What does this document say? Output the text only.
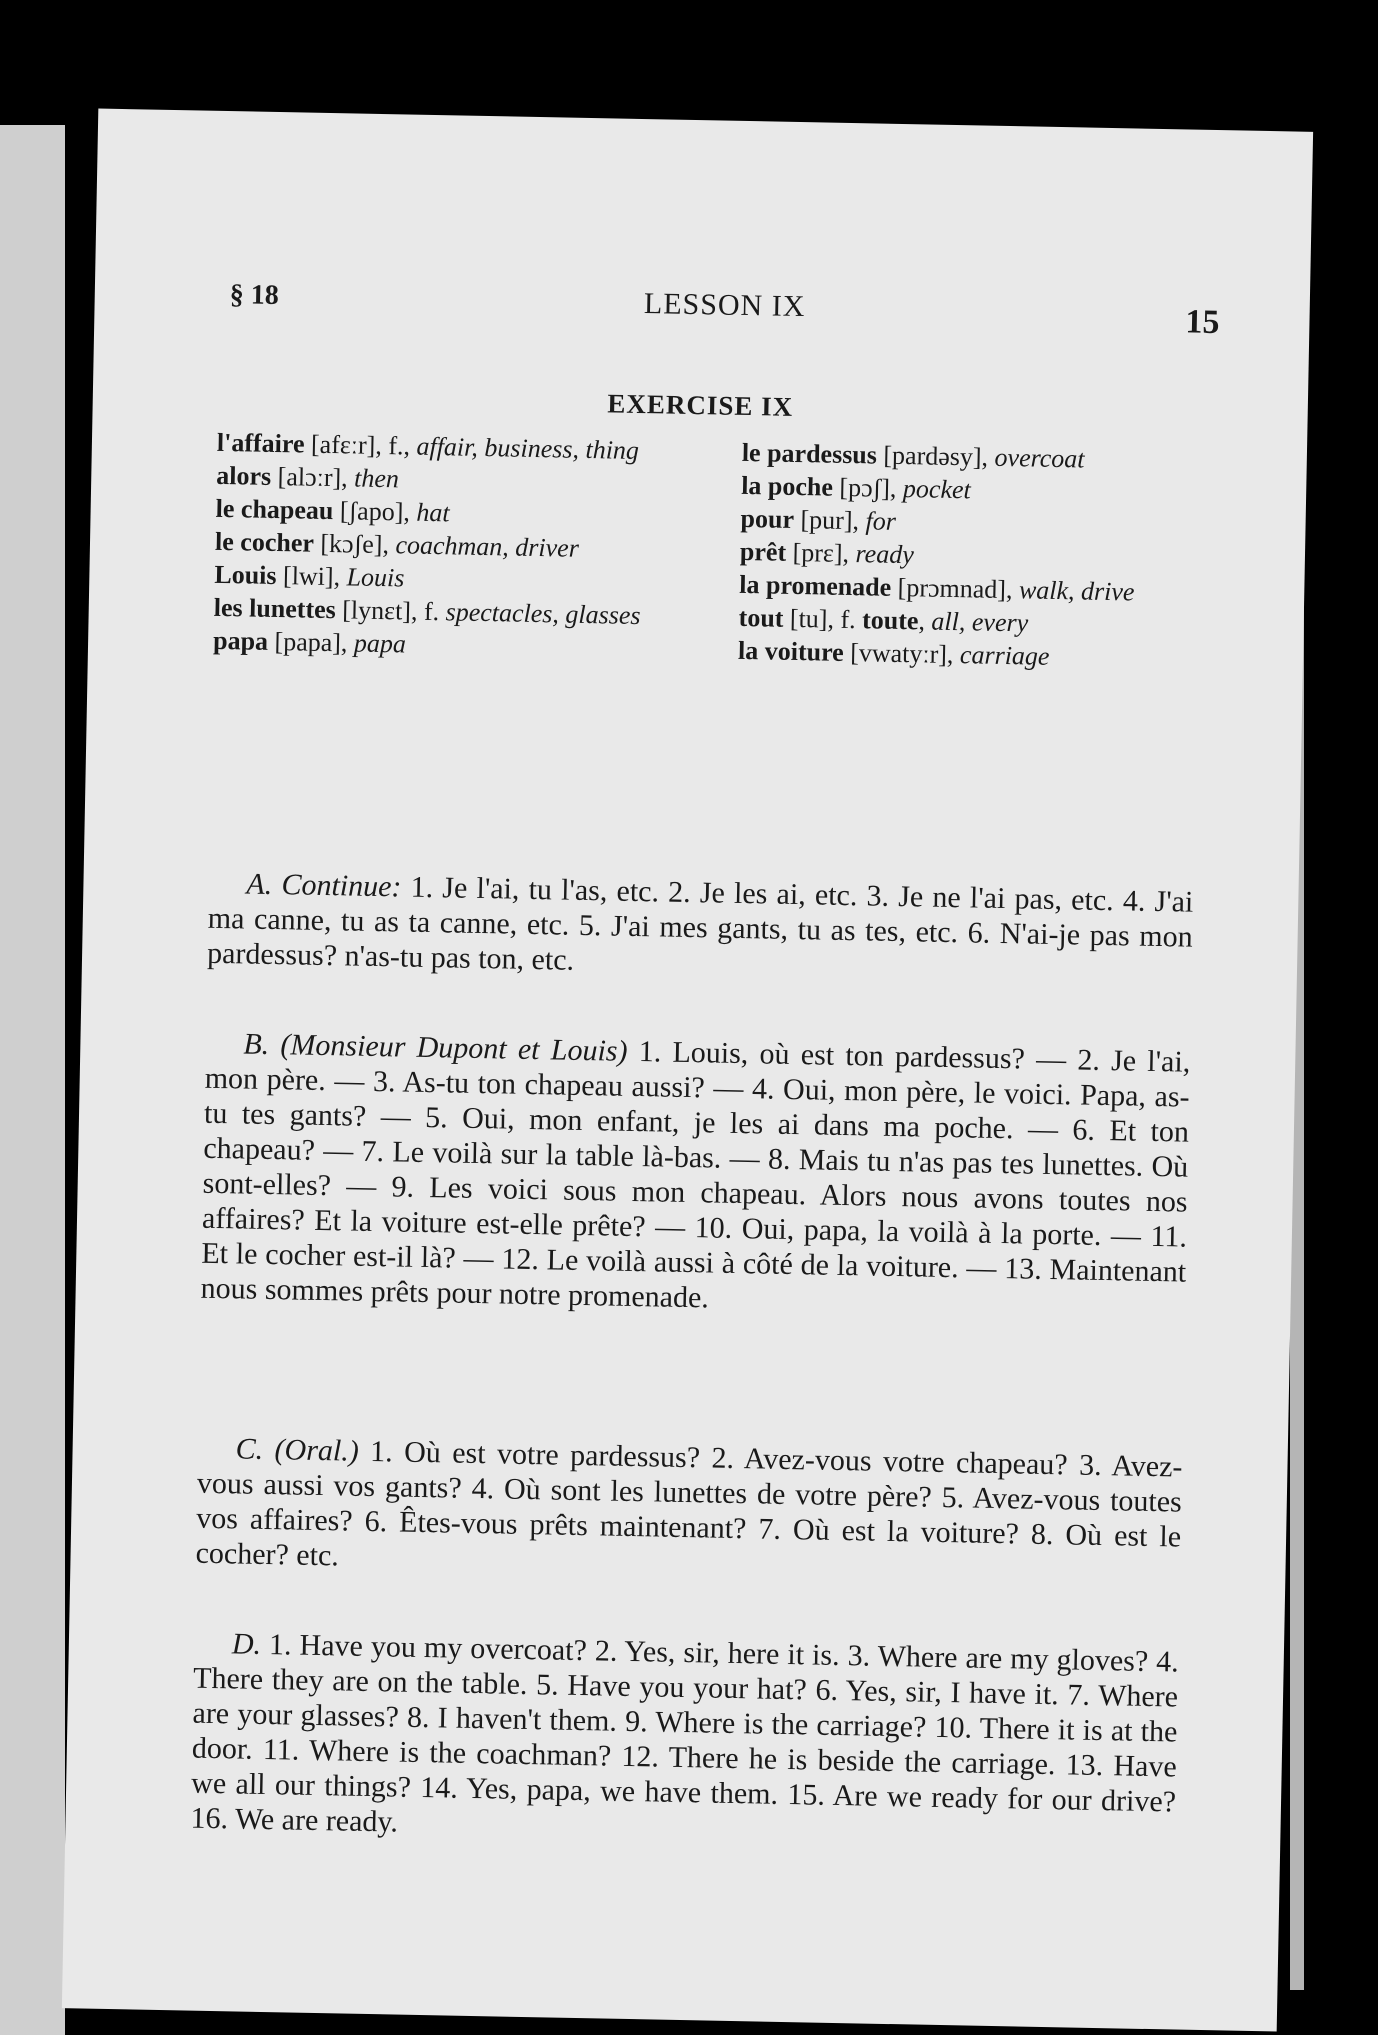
§ 18	LESSON IX	15
EXERCISE IX
l'affaire [afɛːr], f., affair, business, thing
alors [alɔːr], then
le chapeau [ʃapo], hat
le cocher [kɔʃe], coachman, driver
Louis [lwi], Louis
les lunettes [lynɛt], f. spectacles, glasses
papa [papa], papa
le pardessus [pardəsy], overcoat
la poche [pɔʃ], pocket
pour [pur], for
prêt [prɛ], ready
la promenade [prɔmnad], walk, drive
tout [tu], f. toute, all, every
la voiture [vwatyːr], carriage

A. Continue: 1. Je l'ai, tu l'as, etc. 2. Je les ai, etc. 3. Je ne l'ai pas, etc. 4. J'ai ma canne, tu as ta canne, etc. 5. J'ai mes gants, tu as tes, etc. 6. N'ai-je pas mon pardessus? n'as-tu pas ton, etc.

B. (Monsieur Dupont et Louis) 1. Louis, où est ton pardessus? — 2. Je l'ai, mon père. — 3. As-tu ton chapeau aussi? — 4. Oui, mon père, le voici. Papa, as-tu tes gants? — 5. Oui, mon enfant, je les ai dans ma poche. — 6. Et ton chapeau? — 7. Le voilà sur la table là-bas. — 8. Mais tu n'as pas tes lunettes. Où sont-elles? — 9. Les voici sous mon chapeau. Alors nous avons toutes nos affaires? Et la voiture est-elle prête? — 10. Oui, papa, la voilà à la porte. — 11. Et le cocher est-il là? — 12. Le voilà aussi à côté de la voiture. — 13. Maintenant nous sommes prêts pour notre promenade.

C. (Oral.) 1. Où est votre pardessus? 2. Avez-vous votre chapeau? 3. Avez-vous aussi vos gants? 4. Où sont les lunettes de votre père? 5. Avez-vous toutes vos affaires? 6. Êtes-vous prêts maintenant? 7. Où est la voiture? 8. Où est le cocher? etc.

D. 1. Have you my overcoat? 2. Yes, sir, here it is. 3. Where are my gloves? 4. There they are on the table. 5. Have you your hat? 6. Yes, sir, I have it. 7. Where are your glasses? 8. I haven't them. 9. Where is the carriage? 10. There it is at the door. 11. Where is the coachman? 12. There he is beside the carriage. 13. Have we all our things? 14. Yes, papa, we have them. 15. Are we ready for our drive? 16. We are ready.
